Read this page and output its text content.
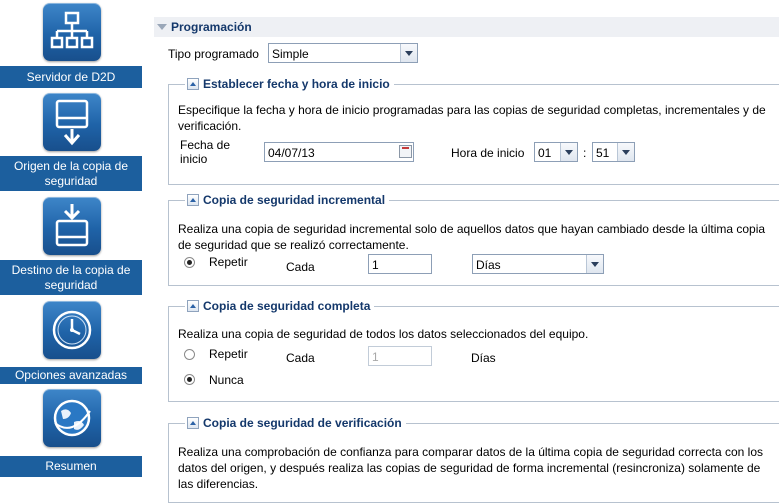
Servidor de D2D
Origen de la copia de seguridad
Destino de la copia de seguridad
Opciones avanzadas
Resumen
Programación
Tipo programado Simple
Establecer fecha y hora de inicio
Especifique la fecha y hora de inicio programadas para las copias de seguridad completas, incrementales y de verificación.
Fecha de inicio	04/07/13	Hora de inicio 01	: 51
Copia de seguridad incremental
Realiza una copia de seguridad incremental solo de aquellos datos que hayan cambiado desde la última copia de seguridad que se realizó correctamente.
Repetir	Cada	1	Días
Copia de seguridad completa
Realiza una copia de seguridad de todos los datos seleccionados del equipo.
Repetir	Cada	1	Días
Nunca
Copia de seguridad de verificación
Realiza una comprobación de confianza para comparar datos de la última copia de seguridad correcta con los datos del origen, y después realiza las copias de seguridad de forma incremental (resincroniza) solamente de las diferencias.
